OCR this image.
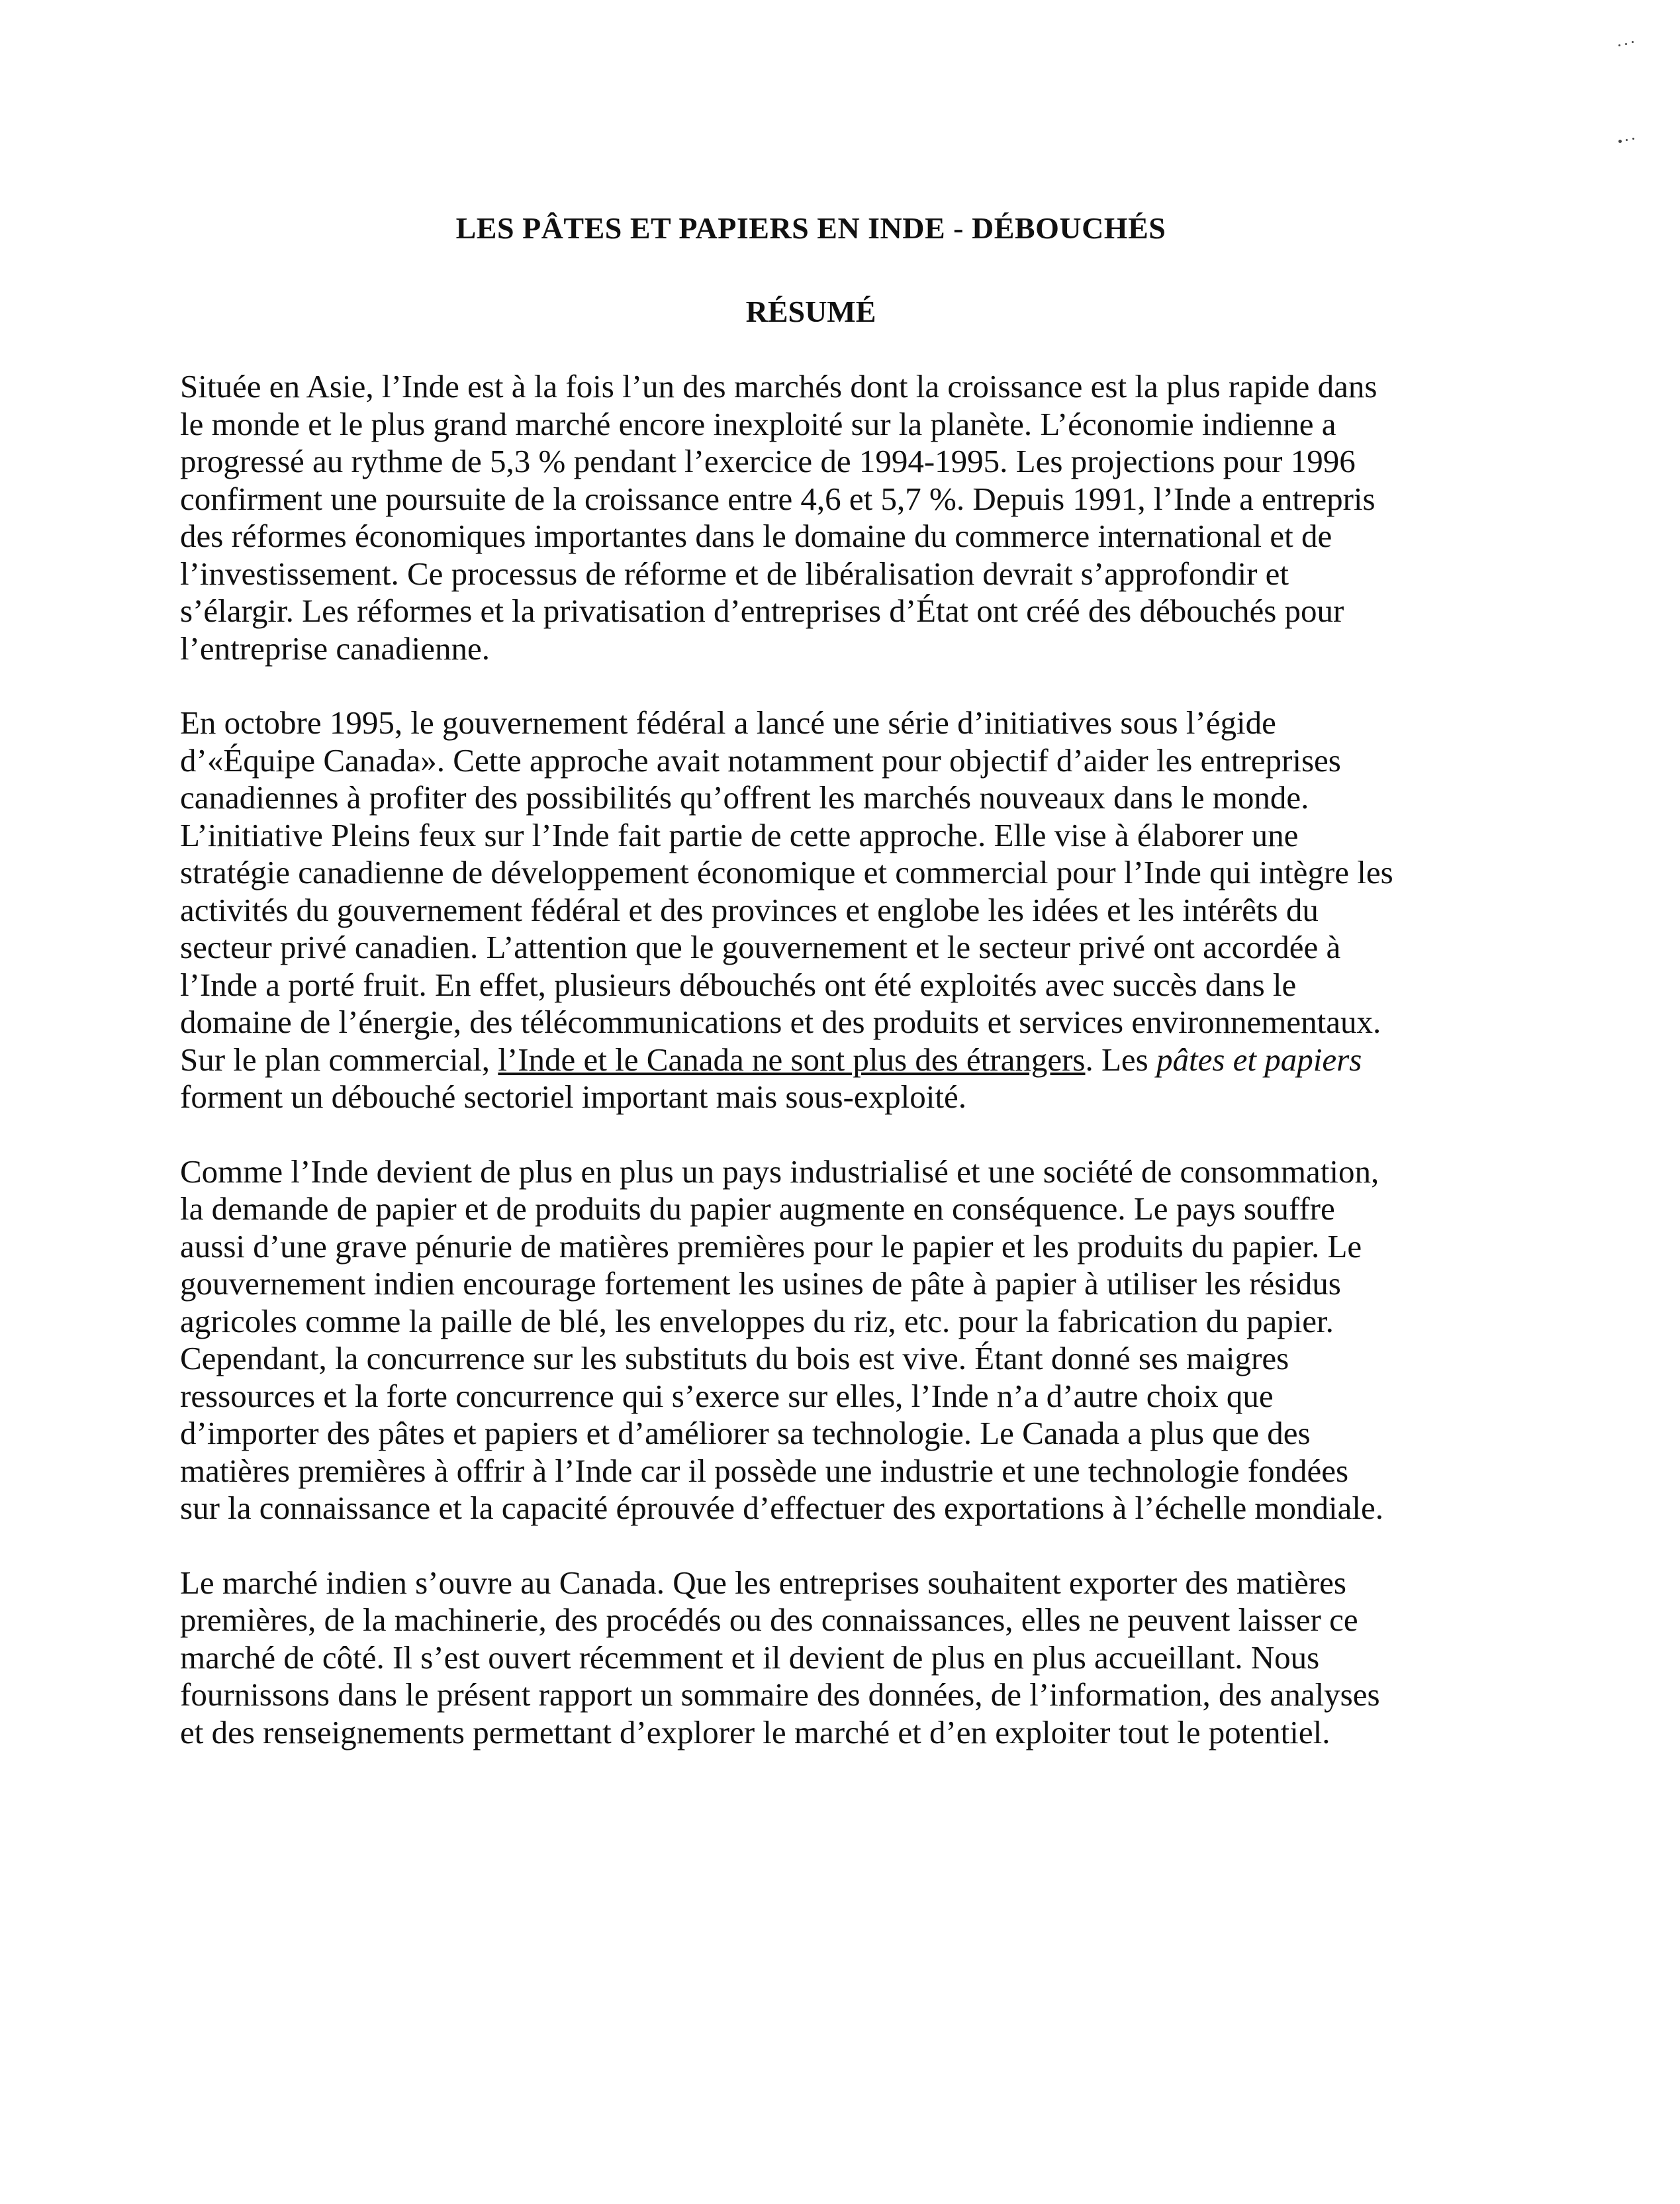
LES PÂTES ET PAPIERS EN INDE - DÉBOUCHÉS
RÉSUMÉ

Située en Asie, l’Inde est à la fois l’un des marchés dont la croissance est la plus rapide dans
le monde et le plus grand marché encore inexploité sur la planète. L’économie indienne a
progressé au rythme de 5,3 % pendant l’exercice de 1994-1995. Les projections pour 1996
confirment une poursuite de la croissance entre 4,6 et 5,7 %. Depuis 1991, l’Inde a entrepris
des réformes économiques importantes dans le domaine du commerce international et de
l’investissement. Ce processus de réforme et de libéralisation devrait s’approfondir et
s’élargir. Les réformes et la privatisation d’entreprises d’État ont créé des débouchés pour
l’entreprise canadienne.

En octobre 1995, le gouvernement fédéral a lancé une série d’initiatives sous l’égide
d’«Équipe Canada». Cette approche avait notamment pour objectif d’aider les entreprises
canadiennes à profiter des possibilités qu’offrent les marchés nouveaux dans le monde.
L’initiative Pleins feux sur l’Inde fait partie de cette approche. Elle vise à élaborer une
stratégie canadienne de développement économique et commercial pour l’Inde qui intègre les
activités du gouvernement fédéral et des provinces et englobe les idées et les intérêts du
secteur privé canadien. L’attention que le gouvernement et le secteur privé ont accordée à
l’Inde a porté fruit. En effet, plusieurs débouchés ont été exploités avec succès dans le
domaine de l’énergie, des télécommunications et des produits et services environnementaux.
Sur le plan commercial, l’Inde et le Canada ne sont plus des étrangers. Les pâtes et papiers
forment un débouché sectoriel important mais sous-exploité.

Comme l’Inde devient de plus en plus un pays industrialisé et une société de consommation,
la demande de papier et de produits du papier augmente en conséquence. Le pays souffre
aussi d’une grave pénurie de matières premières pour le papier et les produits du papier. Le
gouvernement indien encourage fortement les usines de pâte à papier à utiliser les résidus
agricoles comme la paille de blé, les enveloppes du riz, etc. pour la fabrication du papier.
Cependant, la concurrence sur les substituts du bois est vive. Étant donné ses maigres
ressources et la forte concurrence qui s’exerce sur elles, l’Inde n’a d’autre choix que
d’importer des pâtes et papiers et d’améliorer sa technologie. Le Canada a plus que des
matières premières à offrir à l’Inde car il possède une industrie et une technologie fondées
sur la connaissance et la capacité éprouvée d’effectuer des exportations à l’échelle mondiale.

Le marché indien s’ouvre au Canada. Que les entreprises souhaitent exporter des matières
premières, de la machinerie, des procédés ou des connaissances, elles ne peuvent laisser ce
marché de côté. Il s’est ouvert récemment et il devient de plus en plus accueillant. Nous
fournissons dans le présent rapport un sommaire des données, de l’information, des analyses
et des renseignements permettant d’explorer le marché et d’en exploiter tout le potentiel.
